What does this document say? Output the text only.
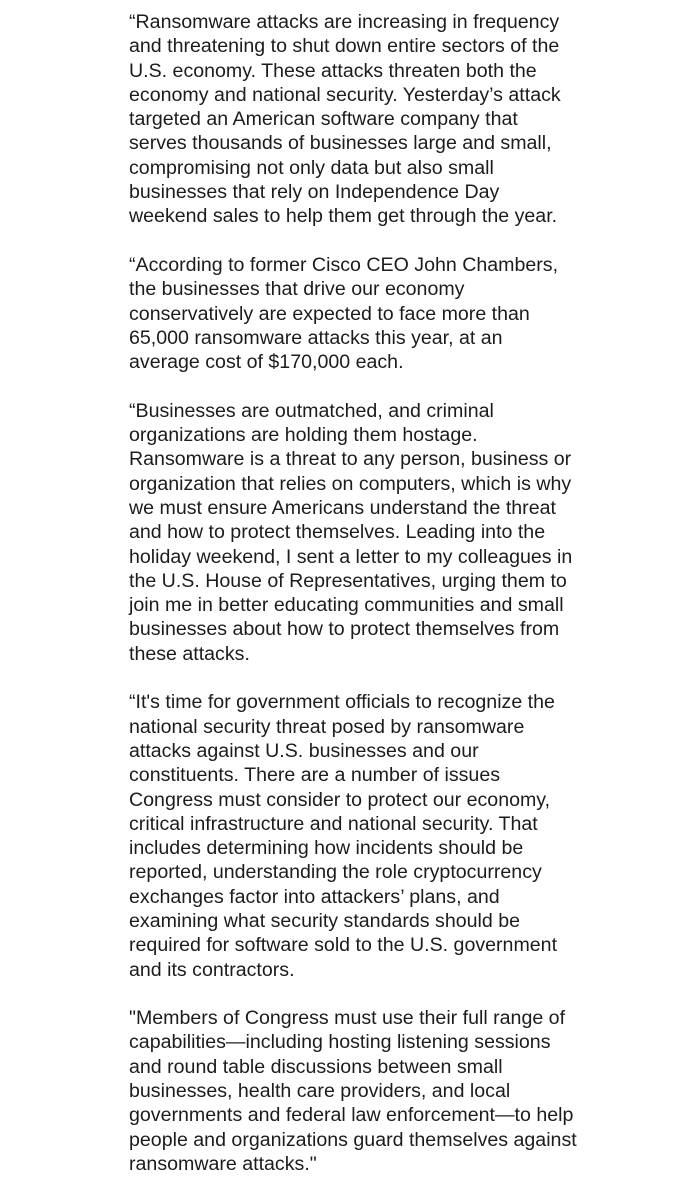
“Ransomware attacks are increasing in frequency
and threatening to shut down entire sectors of the
U.S. economy. These attacks threaten both the
economy and national security. Yesterday’s attack
targeted an American software company that
serves thousands of businesses large and small,
compromising not only data but also small
businesses that rely on Independence Day
weekend sales to help them get through the year.

“According to former Cisco CEO John Chambers,
the businesses that drive our economy
conservatively are expected to face more than
65,000 ransomware attacks this year, at an
average cost of $170,000 each.

“Businesses are outmatched, and criminal
organizations are holding them hostage.
Ransomware is a threat to any person, business or
organization that relies on computers, which is why
we must ensure Americans understand the threat
and how to protect themselves. Leading into the
holiday weekend, I sent a letter to my colleagues in
the U.S. House of Representatives, urging them to
join me in better educating communities and small
businesses about how to protect themselves from
these attacks.

“It's time for government officials to recognize the
national security threat posed by ransomware
attacks against U.S. businesses and our
constituents. There are a number of issues
Congress must consider to protect our economy,
critical infrastructure and national security. That
includes determining how incidents should be
reported, understanding the role cryptocurrency
exchanges factor into attackers’ plans, and
examining what security standards should be
required for software sold to the U.S. government
and its contractors.

"Members of Congress must use their full range of
capabilities—including hosting listening sessions
and round table discussions between small
businesses, health care providers, and local
governments and federal law enforcement—to help
people and organizations guard themselves against
ransomware attacks."
